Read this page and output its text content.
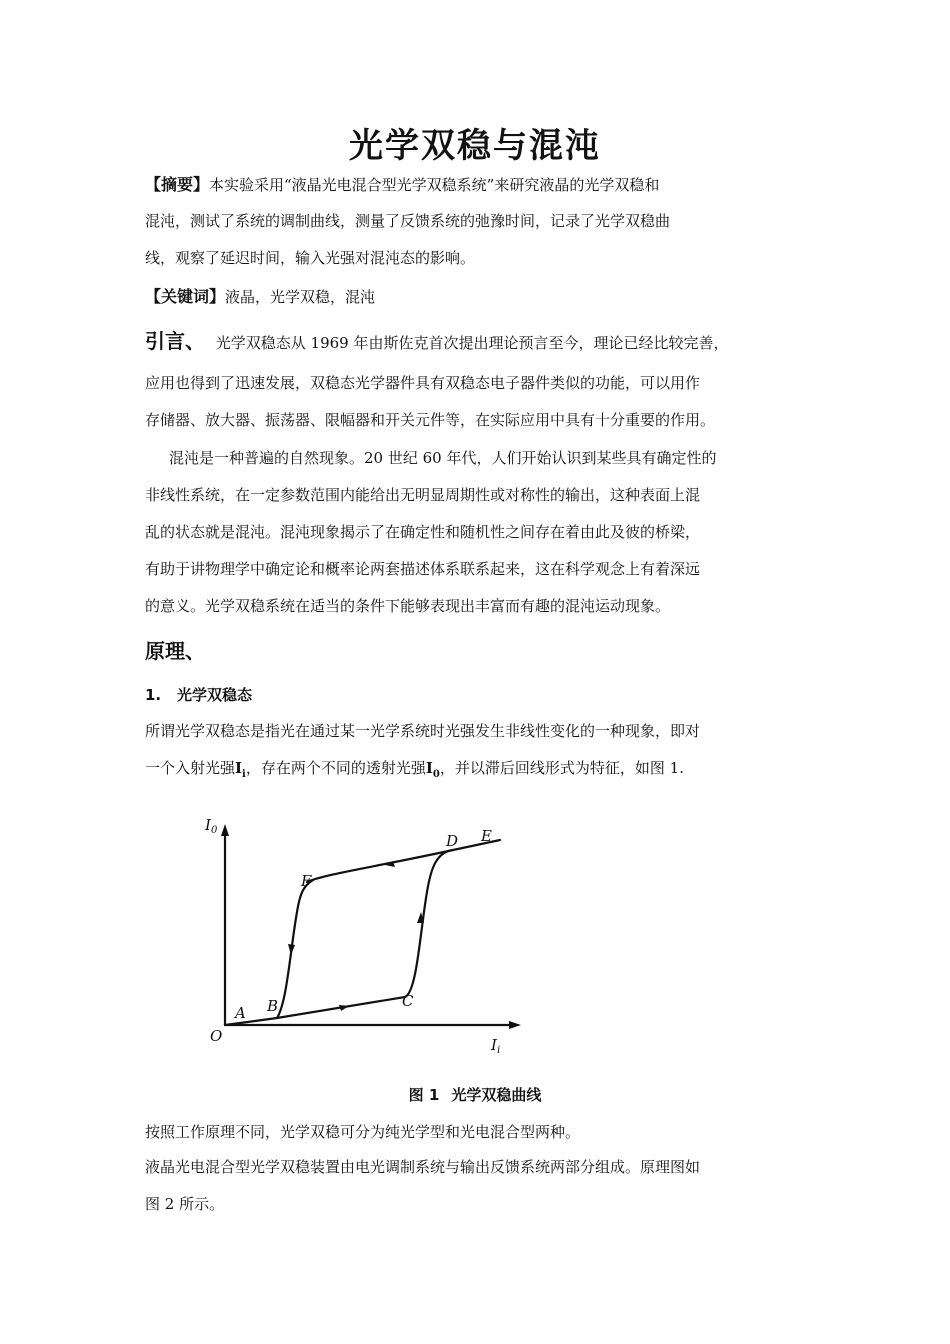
光学双稳与混沌
【摘要】本实验采用“液晶光电混合型光学双稳系统”来研究液晶的光学双稳和
混沌，测试了系统的调制曲线，测量了反馈系统的弛豫时间，记录了光学双稳曲
线，观察了延迟时间，输入光强对混沌态的影响。
【关键词】液晶，光学双稳，混沌
引言、 光学双稳态从 1969 年由斯佐克首次提出理论预言至今，理论已经比较完善，
应用也得到了迅速发展，双稳态光学器件具有双稳态电子器件类似的功能，可以用作
存储器、放大器、振荡器、限幅器和开关元件等，在实际应用中具有十分重要的作用。
混沌是一种普遍的自然现象。20 世纪 60 年代，人们开始认识到某些具有确定性的
非线性系统，在一定参数范围内能给出无明显周期性或对称性的输出，这种表面上混
乱的状态就是混沌。混沌现象揭示了在确定性和随机性之间存在着由此及彼的桥梁，
有助于讲物理学中确定论和概率论两套描述体系联系起来，这在科学观念上有着深远
的意义。光学双稳系统在适当的条件下能够表现出丰富而有趣的混沌运动现象。
原理、
1. 光学双稳态
所谓光学双稳态是指光在通过某一光学系统时光强发生非线性变化的一种现象，即对
一个入射光强$I_i$，存在两个不同的透射光强$I_0$，并以滞后回线形式为特征，如图 1.
$I_0$
$I_i$
O
A B	C
D E
F
图 1 光学双稳曲线
按照工作原理不同，光学双稳可分为纯光学型和光电混合型两种。
液晶光电混合型光学双稳装置由电光调制系统与输出反馈系统两部分组成。原理图如
图 2 所示。
